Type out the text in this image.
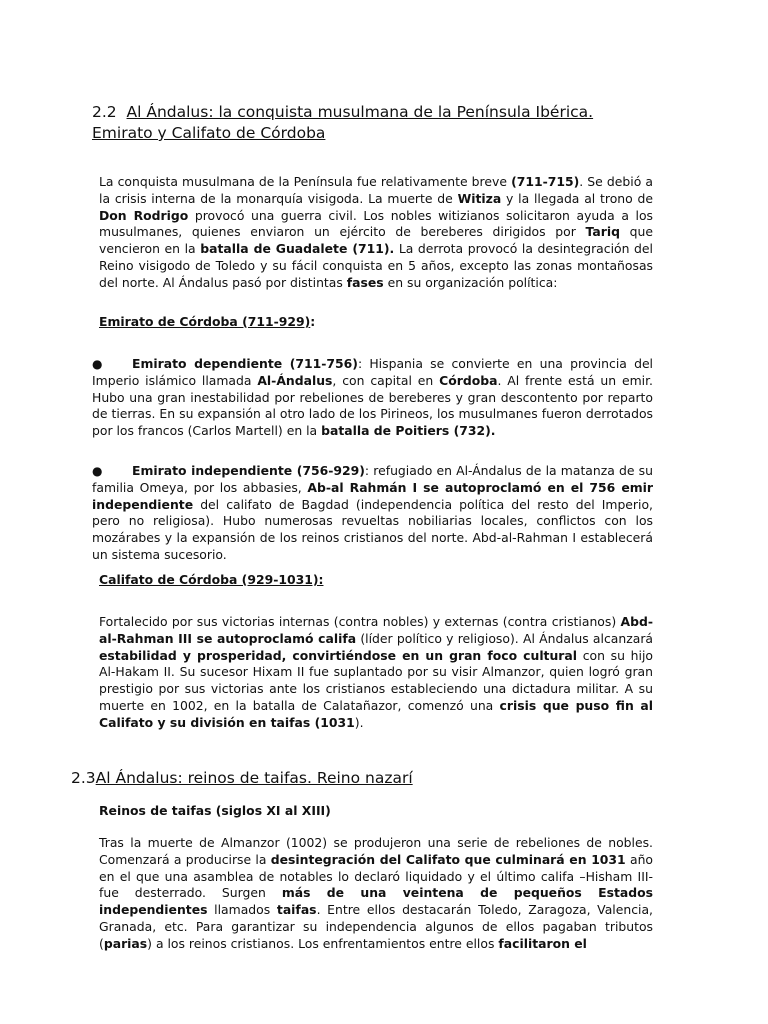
2.2 Al Ándalus: la conquista musulmana de la Península Ibérica. Emirato y Califato de Córdoba

La conquista musulmana de la Península fue relativamente breve (711-715). Se debió a la crisis interna de la monarquía visigoda. La muerte de Witiza y la llegada al trono de Don Rodrigo provocó una guerra civil. Los nobles witizianos solicitaron ayuda a los musulmanes, quienes enviaron un ejército de bereberes dirigidos por Tariq que vencieron en la batalla de Guadalete (711). La derrota provocó la desintegración del Reino visigodo de Toledo y su fácil conquista en 5 años, excepto las zonas montañosas del norte. Al Ándalus pasó por distintas fases en su organización política:

Emirato de Córdoba (711-929):

● Emirato dependiente (711-756): Hispania se convierte en una provincia del Imperio islámico llamada Al-Ándalus, con capital en Córdoba. Al frente está un emir. Hubo una gran inestabilidad por rebeliones de bereberes y gran descontento por reparto de tierras. En su expansión al otro lado de los Pirineos, los musulmanes fueron derrotados por los francos (Carlos Martell) en la batalla de Poitiers (732).

● Emirato independiente (756-929): refugiado en Al-Ándalus de la matanza de su familia Omeya, por los abbasies, Ab-al Rahmán I se autoproclamó en el 756 emir independiente del califato de Bagdad (independencia política del resto del Imperio, pero no religiosa). Hubo numerosas revueltas nobiliarias locales, conflictos con los mozárabes y la expansión de los reinos cristianos del norte. Abd-al-Rahman I establecerá un sistema sucesorio.

Califato de Córdoba (929-1031):

Fortalecido por sus victorias internas (contra nobles) y externas (contra cristianos) Abd-al-Rahman III se autoproclamó califa (líder político y religioso). Al Ándalus alcanzará estabilidad y prosperidad, convirtiéndose en un gran foco cultural con su hijo Al-Hakam II. Su sucesor Hixam II fue suplantado por su visir Almanzor, quien logró gran prestigio por sus victorias ante los cristianos estableciendo una dictadura militar. A su muerte en 1002, en la batalla de Calatañazor, comenzó una crisis que puso fin al Califato y su división en taifas (1031).

2.3Al Ándalus: reinos de taifas. Reino nazarí

Reinos de taifas (siglos XI al XIII)

Tras la muerte de Almanzor (1002) se produjeron una serie de rebeliones de nobles. Comenzará a producirse la desintegración del Califato que culminará en 1031 año en el que una asamblea de notables lo declaró liquidado y el último califa –Hisham III- fue desterrado. Surgen más de una veintena de pequeños Estados independientes llamados taifas. Entre ellos destacarán Toledo, Zaragoza, Valencia, Granada, etc. Para garantizar su independencia algunos de ellos pagaban tributos (parias) a los reinos cristianos. Los enfrentamientos entre ellos facilitaron el
